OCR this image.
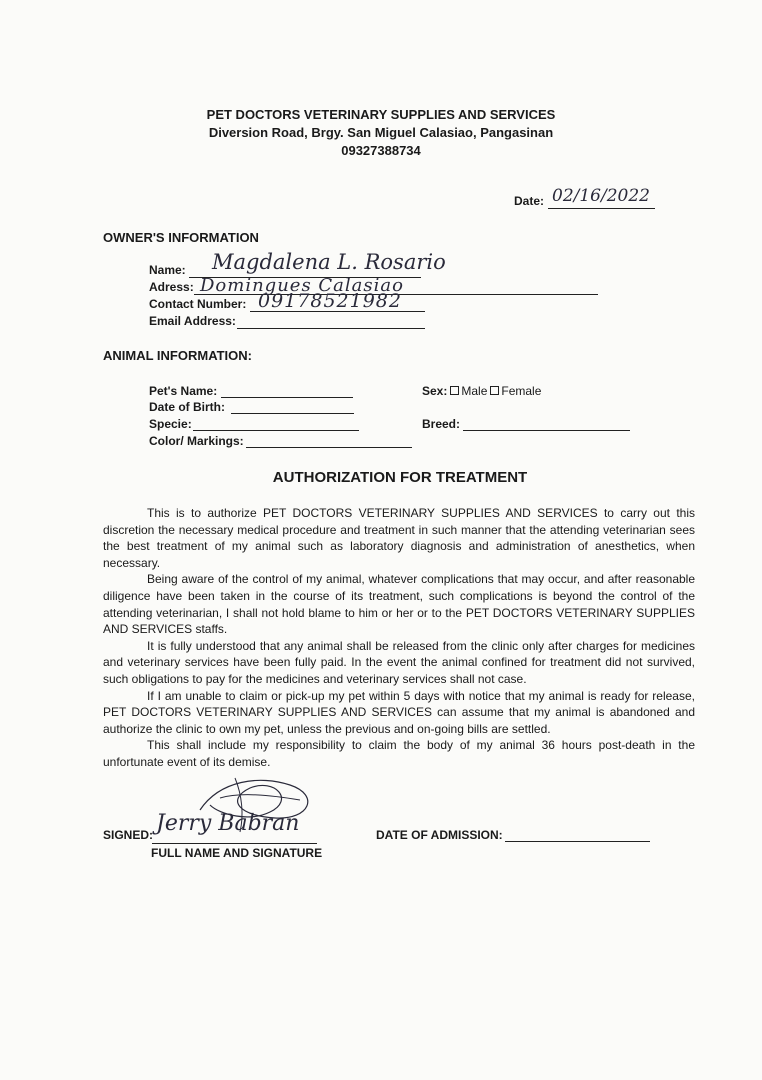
PET DOCTORS VETERINARY SUPPLIES AND SERVICES
Diversion Road, Brgy. San Miguel Calasiao, Pangasinan
09327388734
Date: 02/16/2022
OWNER'S INFORMATION
Name: Magdalena L. Rosario
Adress: Domingues Calasiao
Contact Number: 09178521982
Email Address:
ANIMAL INFORMATION:
Pet's Name:
Date of Birth:
Specie:
Color/ Markings:
Sex: Male Female
Breed:
AUTHORIZATION FOR TREATMENT

This is to authorize PET DOCTORS VETERINARY SUPPLIES AND SERVICES to carry out this discretion the necessary medical procedure and treatment in such manner that the attending veterinarian sees the best treatment of my animal such as laboratory diagnosis and administration of anesthetics, when necessary.

Being aware of the control of my animal, whatever complications that may occur, and after reasonable diligence have been taken in the course of its treatment, such complications is beyond the control of the attending veterinarian, I shall not hold blame to him or her or to the PET DOCTORS VETERINARY SUPPLIES AND SERVICES staffs.

It is fully understood that any animal shall be released from the clinic only after charges for medicines and veterinary services have been fully paid. In the event the animal confined for treatment did not survived, such obligations to pay for the medicines and veterinary services shall not case.

If I am unable to claim or pick-up my pet within 5 days with notice that my animal is ready for release, PET DOCTORS VETERINARY SUPPLIES AND SERVICES can assume that my animal is abandoned and authorize the clinic to own my pet, unless the previous and on-going bills are settled.

This shall include my responsibility to claim the body of my animal 36 hours post-death in the unfortunate event of its demise.

SIGNED: Jerry Babran
FULL NAME AND SIGNATURE
DATE OF ADMISSION:
